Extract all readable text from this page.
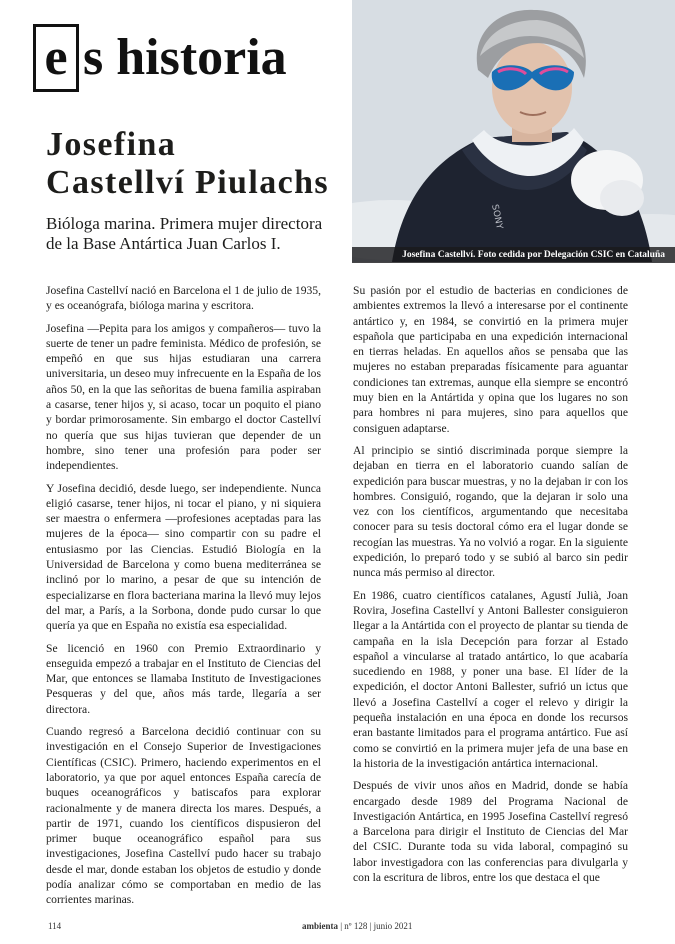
e s historia
SONY
Josefina Castellví. Foto cedida por Delegación CSIC en Cataluña
Josefina
Castellví Piulachs
Bióloga marina. Primera mujer directora
de la Base Antártica Juan Carlos I.

Josefina Castellví nació en Barcelona el 1 de julio de 1935, y es oceanógrafa, bióloga marina y escritora.

Josefina —Pepita para los amigos y compañeros— tuvo la suerte de tener un padre feminista. Médico de profesión, se empeñó en que sus hijas estudiaran una carrera universitaria, un deseo muy infrecuente en la España de los años 50, en la que las señoritas de buena familia aspiraban a casarse, tener hijos y, si acaso, tocar un poquito el piano y bordar primorosamente. Sin embargo el doctor Castellví no quería que sus hijas tuvieran que depender de un hombre, sino tener una profesión para poder ser independientes.

Y Josefina decidió, desde luego, ser independiente. Nunca eligió casarse, tener hijos, ni tocar el piano, y ni siquiera ser maestra o enfermera —profesiones aceptadas para las mujeres de la época— sino compartir con su padre el entusiasmo por las Ciencias. Estudió Biología en la Universidad de Barcelona y como buena mediterránea se inclinó por lo marino, a pesar de que su intención de especializarse en flora bacteriana marina la llevó muy lejos del mar, a París, a la Sorbona, donde pudo cursar lo que quería ya que en España no existía esa especialidad.

Se licenció en 1960 con Premio Extraordinario y enseguida empezó a trabajar en el Instituto de Ciencias del Mar, que entonces se llamaba Instituto de Investigaciones Pesqueras y del que, años más tarde, llegaría a ser directora.

Cuando regresó a Barcelona decidió continuar con su investigación en el Consejo Superior de Investigaciones Científicas (CSIC). Primero, haciendo experimentos en el laboratorio, ya que por aquel entonces España carecía de buques oceanográficos y batiscafos para explorar racionalmente y de manera directa los mares. Después, a partir de 1971, cuando los científicos dispusieron del primer buque oceanográfico español para sus investigaciones, Josefina Castellví pudo hacer su trabajo desde el mar, donde estaban los objetos de estudio y donde podía analizar cómo se comportaban en medio de las corrientes marinas.

Su pasión por el estudio de bacterias en condiciones de ambientes extremos la llevó a interesarse por el continente antártico y, en 1984, se convirtió en la primera mujer española que participaba en una expedición internacional en tierras heladas. En aquellos años se pensaba que las mujeres no estaban preparadas físicamente para aguantar condiciones tan extremas, aunque ella siempre se encontró muy bien en la Antártida y opina que los lugares no son para hombres ni para mujeres, sino para aquellos que consiguen adaptarse.

Al principio se sintió discriminada porque siempre la dejaban en tierra en el laboratorio cuando salían de expedición para buscar muestras, y no la dejaban ir con los hombres. Consiguió, rogando, que la dejaran ir solo una vez con los científicos, argumentando que necesitaba conocer para su tesis doctoral cómo era el lugar donde se recogían las muestras. Ya no volvió a rogar. En la siguiente expedición, lo preparó todo y se subió al barco sin pedir nunca más permiso al director.

En 1986, cuatro científicos catalanes, Agustí Julià, Joan Rovira, Josefina Castellví y Antoni Ballester consiguieron llegar a la Antártida con el proyecto de plantar su tienda de campaña en la isla Decepción para forzar al Estado español a vincularse al tratado antártico, lo que acabaría sucediendo en 1988, y poner una base. El líder de la expedición, el doctor Antoni Ballester, sufrió un ictus que llevó a Josefina Castellví a coger el relevo y dirigir la pequeña instalación en una época en donde los recursos eran bastante limitados para el programa antártico. Fue así como se convirtió en la primera mujer jefa de una base en la historia de la investigación antártica internacional.

Después de vivir unos años en Madrid, donde se había encargado desde 1989 del Programa Nacional de Investigación Antártica, en 1995 Josefina Castellví regresó a Barcelona para dirigir el Instituto de Ciencias del Mar del CSIC. Durante toda su vida laboral, compaginó su labor investigadora con las conferencias para divulgarla y con la escritura de libros, entre los que destaca el que

114	ambienta | nº 128 | junio 2021
